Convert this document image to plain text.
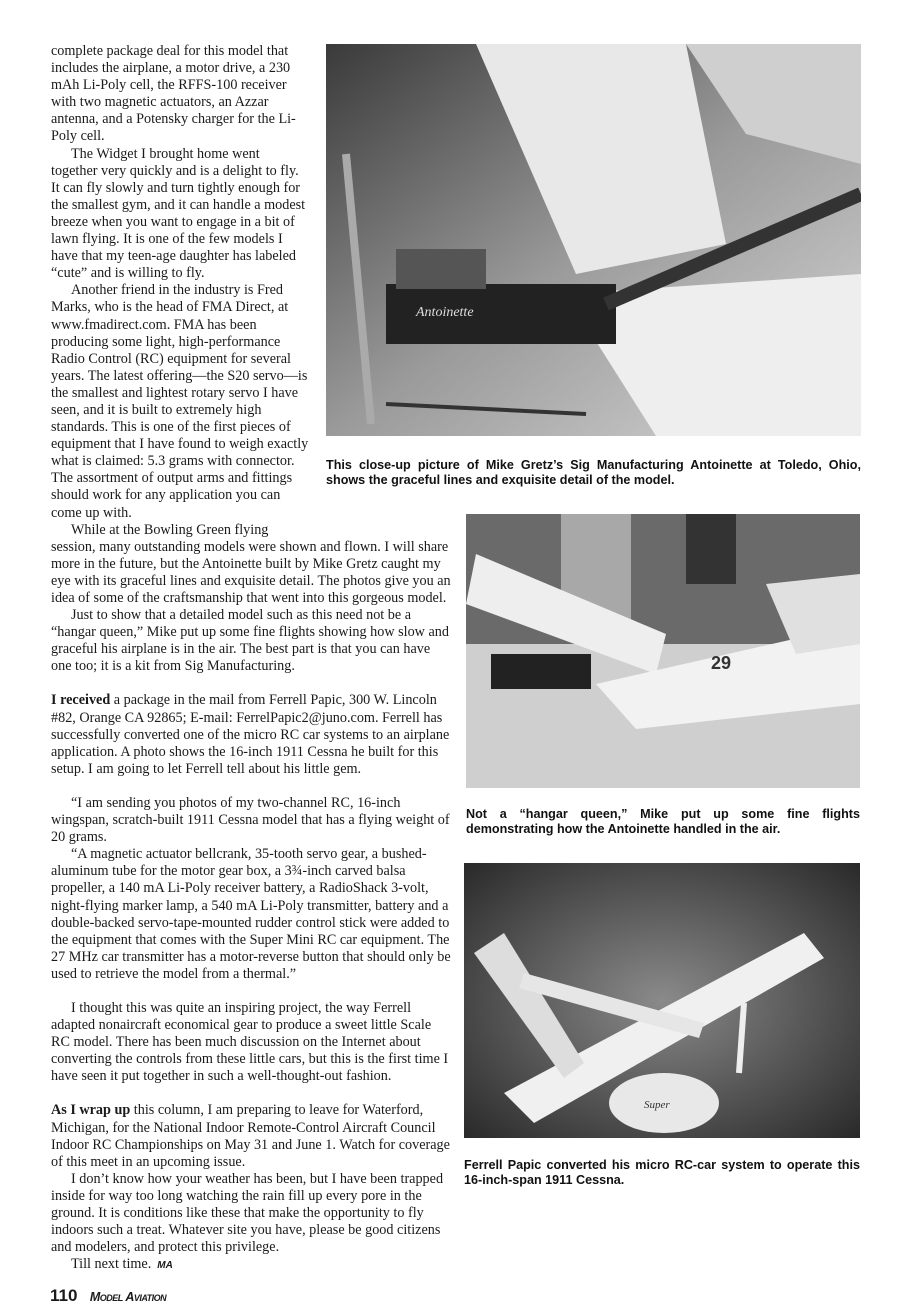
complete package deal for this model that includes the airplane, a motor drive, a 230 mAh Li-Poly cell, the RFFS-100 receiver with two magnetic actuators, an Azzar antenna, and a Potensky charger for the Li-Poly cell.

The Widget I brought home went together very quickly and is a delight to fly. It can fly slowly and turn tightly enough for the smallest gym, and it can handle a modest breeze when you want to engage in a bit of lawn flying. It is one of the few models I have that my teen-age daughter has labeled “cute” and is willing to fly.

Another friend in the industry is Fred Marks, who is the head of FMA Direct, at www.fmadirect.com. FMA has been producing some light, high-performance Radio Control (RC) equipment for several years. The latest offering—the S20 servo—is the smallest and lightest rotary servo I have seen, and it is built to extremely high standards. This is one of the first pieces of equipment that I have found to weigh exactly what is claimed: 5.3 grams with connector. The assortment of output arms and fittings should work for any application you can come up with.

While at the Bowling Green flying

session, many outstanding models were shown and flown. I will share more in the future, but the Antoinette built by Mike Gretz caught my eye with its graceful lines and exquisite detail. The photos give you an idea of some of the craftsmanship that went into this gorgeous model.

Just to show that a detailed model such as this need not be a “hangar queen,” Mike put up some fine flights showing how slow and graceful his airplane is in the air. The best part is that you can have one too; it is a kit from Sig Manufacturing.

I received a package in the mail from Ferrell Papic, 300 W. Lincoln #82, Orange CA 92865; E-mail: FerrelPapic2@juno.com. Ferrell has successfully converted one of the micro RC car systems to an airplane application. A photo shows the 16-inch 1911 Cessna he built for this setup. I am going to let Ferrell tell about his little gem.

“I am sending you photos of my two-channel RC, 16-inch wingspan, scratch-built 1911 Cessna model that has a flying weight of 20 grams.

“A magnetic actuator bellcrank, 35-tooth servo gear, a bushed-aluminum tube for the motor gear box, a 3¾-inch carved balsa propeller, a 140 mA Li-Poly receiver battery, a RadioShack 3-volt, night-flying marker lamp, a 540 mA Li-Poly transmitter, battery and a double-backed servo-tape-mounted rudder control stick were added to the equipment that comes with the Super Mini RC car equipment. The 27 MHz car transmitter has a motor-reverse button that should only be used to retrieve the model from a thermal.”

I thought this was quite an inspiring project, the way Ferrell adapted nonaircraft economical gear to produce a sweet little Scale RC model. There has been much discussion on the Internet about converting the controls from these little cars, but this is the first time I have seen it put together in such a well-thought-out fashion.

As I wrap up this column, I am preparing to leave for Waterford, Michigan, for the National Indoor Remote-Control Aircraft Council Indoor RC Championships on May 31 and June 1. Watch for coverage of this meet in an upcoming issue.

I don’t know how your weather has been, but I have been trapped inside for way too long watching the rain fill up every pore in the ground. It is conditions like these that make the opportunity to fly indoors such a treat. Whatever site you have, please be good citizens and modelers, and protect this privilege.

Till next time. MA

110 Model Aviation
Antoinette
This close-up picture of Mike Gretz’s Sig Manufacturing Antoinette at Toledo, Ohio, shows the graceful lines and exquisite detail of the model.
29
Not a “hangar queen,” Mike put up some fine flights demonstrating how the Antoinette handled in the air.
Super
Ferrell Papic converted his micro RC-car system to operate this 16-inch-span 1911 Cessna.
